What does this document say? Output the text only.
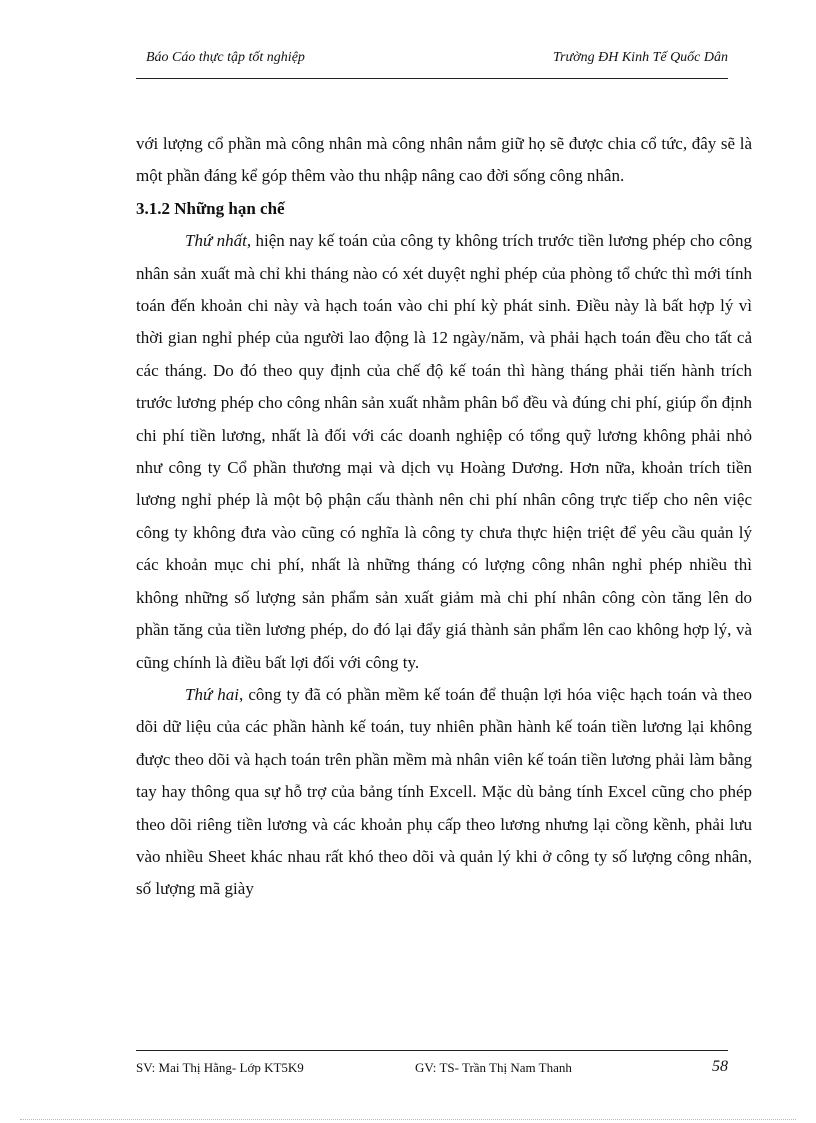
Báo Cáo thực tập tốt nghiệp	Trường ĐH Kinh Tế Quốc Dân

với lượng cổ phần mà công nhân mà công nhân nắm giữ họ sẽ được chia cổ tức, đây sẽ là một phần đáng kể góp thêm vào thu nhập nâng cao đời sống công nhân.

3.1.2 Những hạn chế

Thứ nhất, hiện nay kế toán của công ty không trích trước tiền lương phép cho công nhân sản xuất mà chỉ khi tháng nào có xét duyệt nghỉ phép của phòng tổ chức thì mới tính toán đến khoản chi này và hạch toán vào chi phí kỳ phát sinh. Điều này là bất hợp lý vì thời gian nghỉ phép của người lao động là 12 ngày/năm, và phải hạch toán đều cho tất cả các tháng. Do đó theo quy định của chế độ kế toán thì hàng tháng phải tiến hành trích trước lương phép cho công nhân sản xuất nhằm phân bổ đều và đúng chi phí, giúp ổn định chi phí tiền lương, nhất là đối với các doanh nghiệp có tổng quỹ lương không phải nhỏ như công ty Cổ phần thương mại và dịch vụ Hoàng Dương. Hơn nữa, khoản trích tiền lương nghỉ phép là một bộ phận cấu thành nên chi phí nhân công trực tiếp cho nên việc công ty không đưa vào cũng có nghĩa là công ty chưa thực hiện triệt để yêu cầu quản lý các khoản mục chi phí, nhất là những tháng có lượng công nhân nghỉ phép nhiều thì không những số lượng sản phẩm sản xuất giảm mà chi phí nhân công còn tăng lên do phần tăng của tiền lương phép, do đó lại đẩy giá thành sản phẩm lên cao không hợp lý, và cũng chính là điều bất lợi đối với công ty.

Thứ hai, công ty đã có phần mềm kế toán để thuận lợi hóa việc hạch toán và theo dõi dữ liệu của các phần hành kế toán, tuy nhiên phần hành kế toán tiền lương lại không được theo dõi và hạch toán trên phần mềm mà nhân viên kế toán tiền lương phải làm bằng tay hay thông qua sự hỗ trợ của bảng tính Excell. Mặc dù bảng tính Excel cũng cho phép theo dõi riêng tiền lương và các khoản phụ cấp theo lương nhưng lại cồng kềnh, phải lưu vào nhiều Sheet khác nhau rất khó theo dõi và quản lý khi ở công ty số lượng công nhân, số lượng mã giày

SV: Mai Thị Hằng- Lớp KT5K9	GV: TS- Trần Thị Nam Thanh	58
